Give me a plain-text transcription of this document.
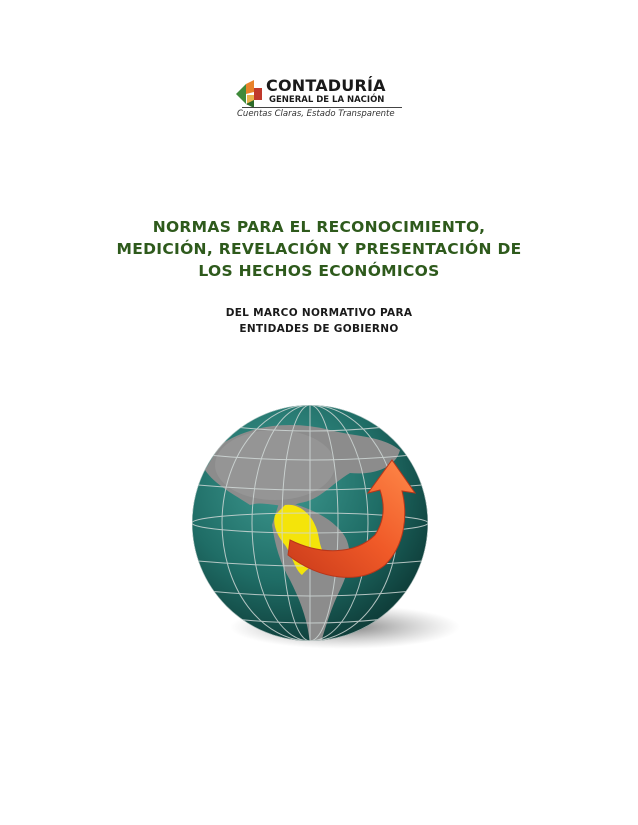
CONTADURÍA
GENERAL DE LA NACIÓN
Cuentas Claras, Estado Transparente
NORMAS PARA EL RECONOCIMIENTO,
MEDICIÓN, REVELACIÓN Y PRESENTACIÓN DE
LOS HECHOS ECONÓMICOS
DEL MARCO NORMATIVO PARA
ENTIDADES DE GOBIERNO
